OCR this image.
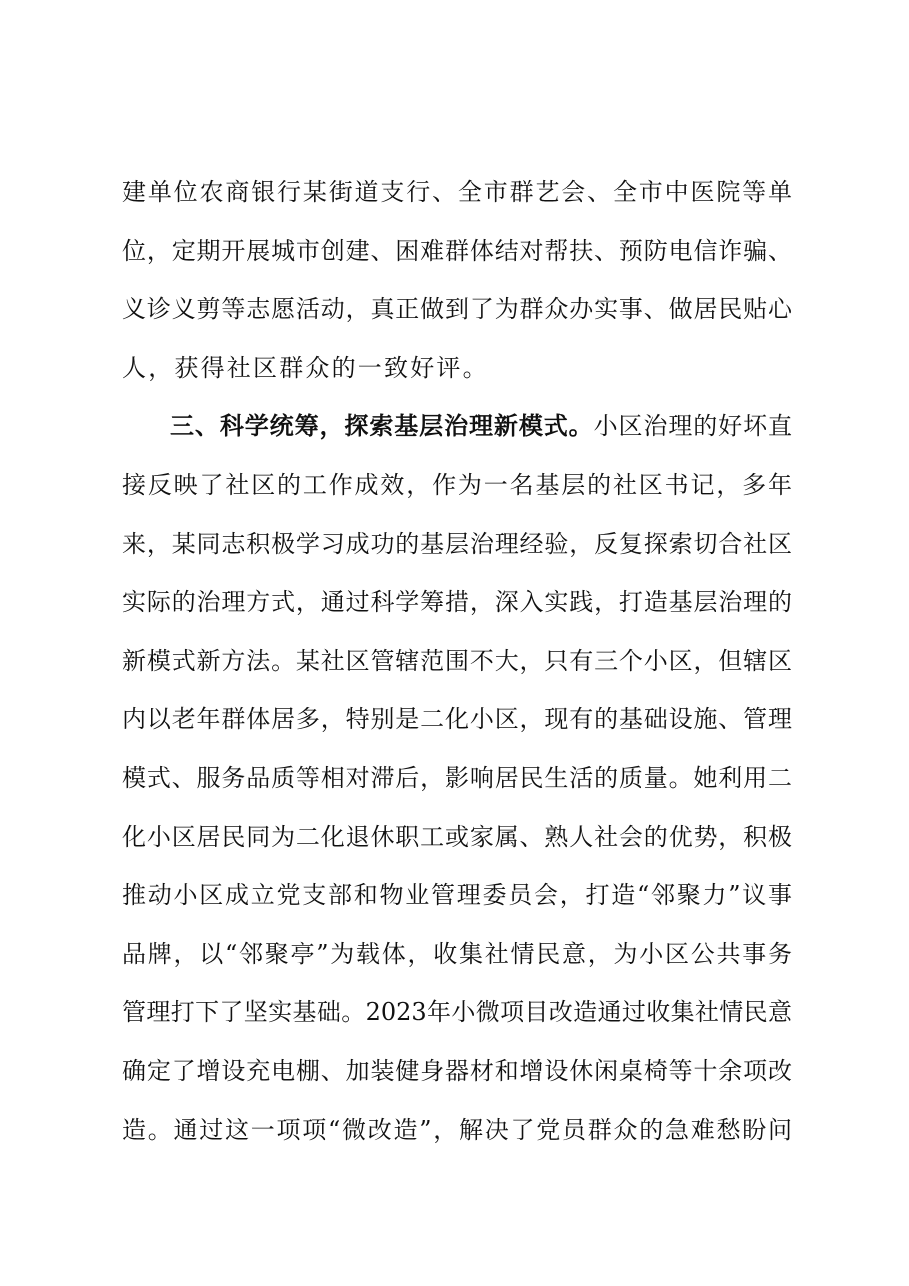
建单位农商银行某街道支行、全市群艺会、全市中医院等单
位，定期开展城市创建、困难群体结对帮扶、预防电信诈骗、
义诊义剪等志愿活动，真正做到了为群众办实事、做居民贴心
人，获得社区群众的一致好评。
三、科学统筹，探索基层治理新模式。小区治理的好坏直
接反映了社区的工作成效，作为一名基层的社区书记，多年
来，某同志积极学习成功的基层治理经验，反复探索切合社区
实际的治理方式，通过科学筹措，深入实践，打造基层治理的
新模式新方法。某社区管辖范围不大，只有三个小区，但辖区
内以老年群体居多，特别是二化小区，现有的基础设施、管理
模式、服务品质等相对滞后，影响居民生活的质量。她利用二
化小区居民同为二化退休职工或家属、熟人社会的优势，积极
推动小区成立党支部和物业管理委员会，打造“邻聚力”议事
品牌，以“邻聚亭”为载体，收集社情民意，为小区公共事务
管理打下了坚实基础。2023年小微项目改造通过收集社情民意
确定了增设充电棚、加装健身器材和增设休闲桌椅等十余项改
造。通过这一项项“微改造”，解决了党员群众的急难愁盼问
